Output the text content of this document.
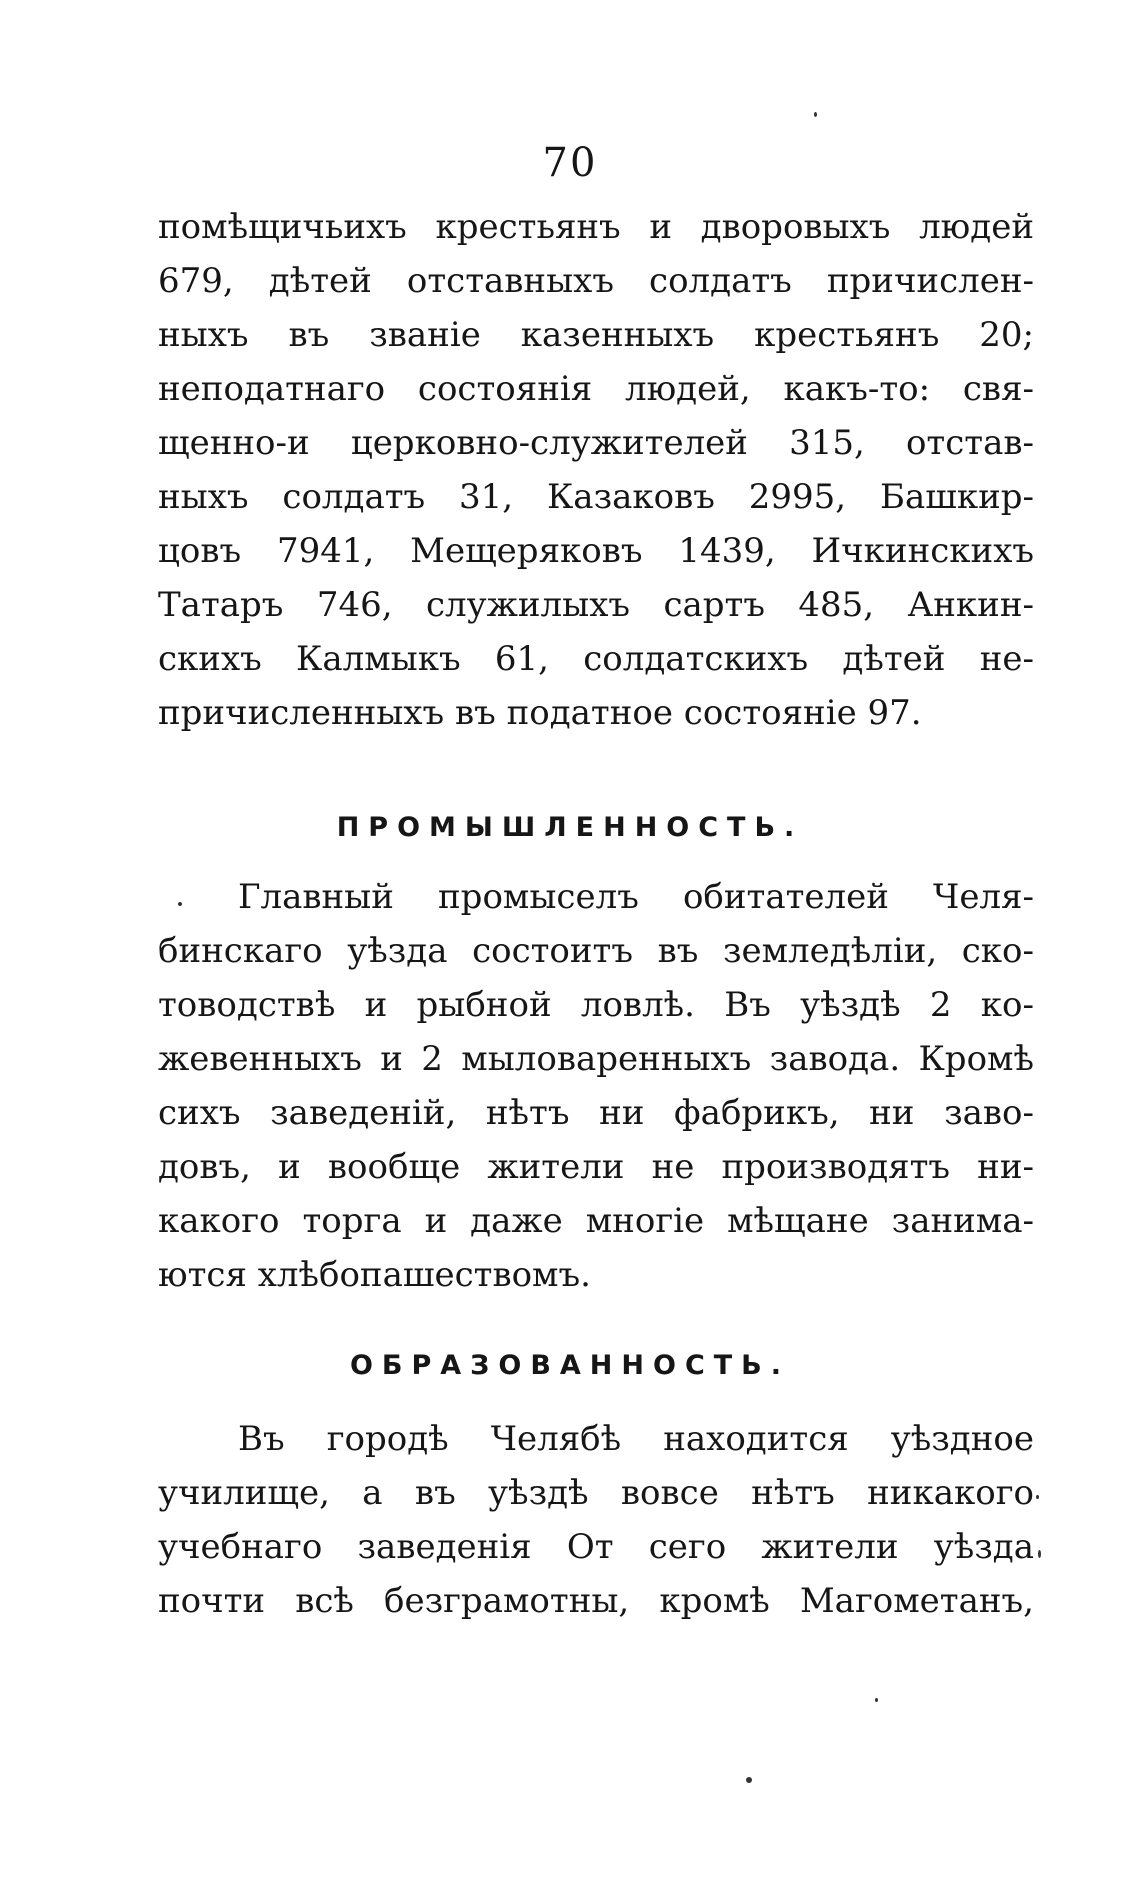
70
помѣщичьихъ крестьянъ и дворовыхъ людей
679, дѣтей отставныхъ солдатъ причислен-
ныхъ въ званіе казенныхъ крестьянъ 20;
неподатнаго состоянія людей, какъ-то: свя-
щенно-и церковно-служителей 315, отстав-
ныхъ солдатъ 31, Казаковъ 2995, Башкир-
цовъ 7941, Мещеряковъ 1439, Ичкинскихъ
Татаръ 746, служилыхъ сартъ 485, Анкин-
скихъ Калмыкъ 61, солдатскихъ дѣтей не-
причисленныхъ въ податное состояніе 97.
ПРОМЫШЛЕННОСТЬ.
Главный промыселъ обитателей Челя-
бинскаго уѣзда состоитъ въ земледѣліи, ско-
товодствѣ и рыбной ловлѣ. Въ уѣздѣ 2 ко-
жевенныхъ и 2 мыловаренныхъ завода. Кромѣ
сихъ заведеній, нѣтъ ни фабрикъ, ни заво-
довъ, и вообще жители не производятъ ни-
какого торга и даже многіе мѣщане занима-
ются хлѣбопашествомъ.
ОБРАЗОВАННОСТЬ.
Въ городѣ Челябѣ находится уѣздное
училище, а въ уѣздѣ вовсе нѣтъ никакого
учебнаго заведенія От сего жители уѣзда
почти всѣ безграмотны, кромѣ Магометанъ,
